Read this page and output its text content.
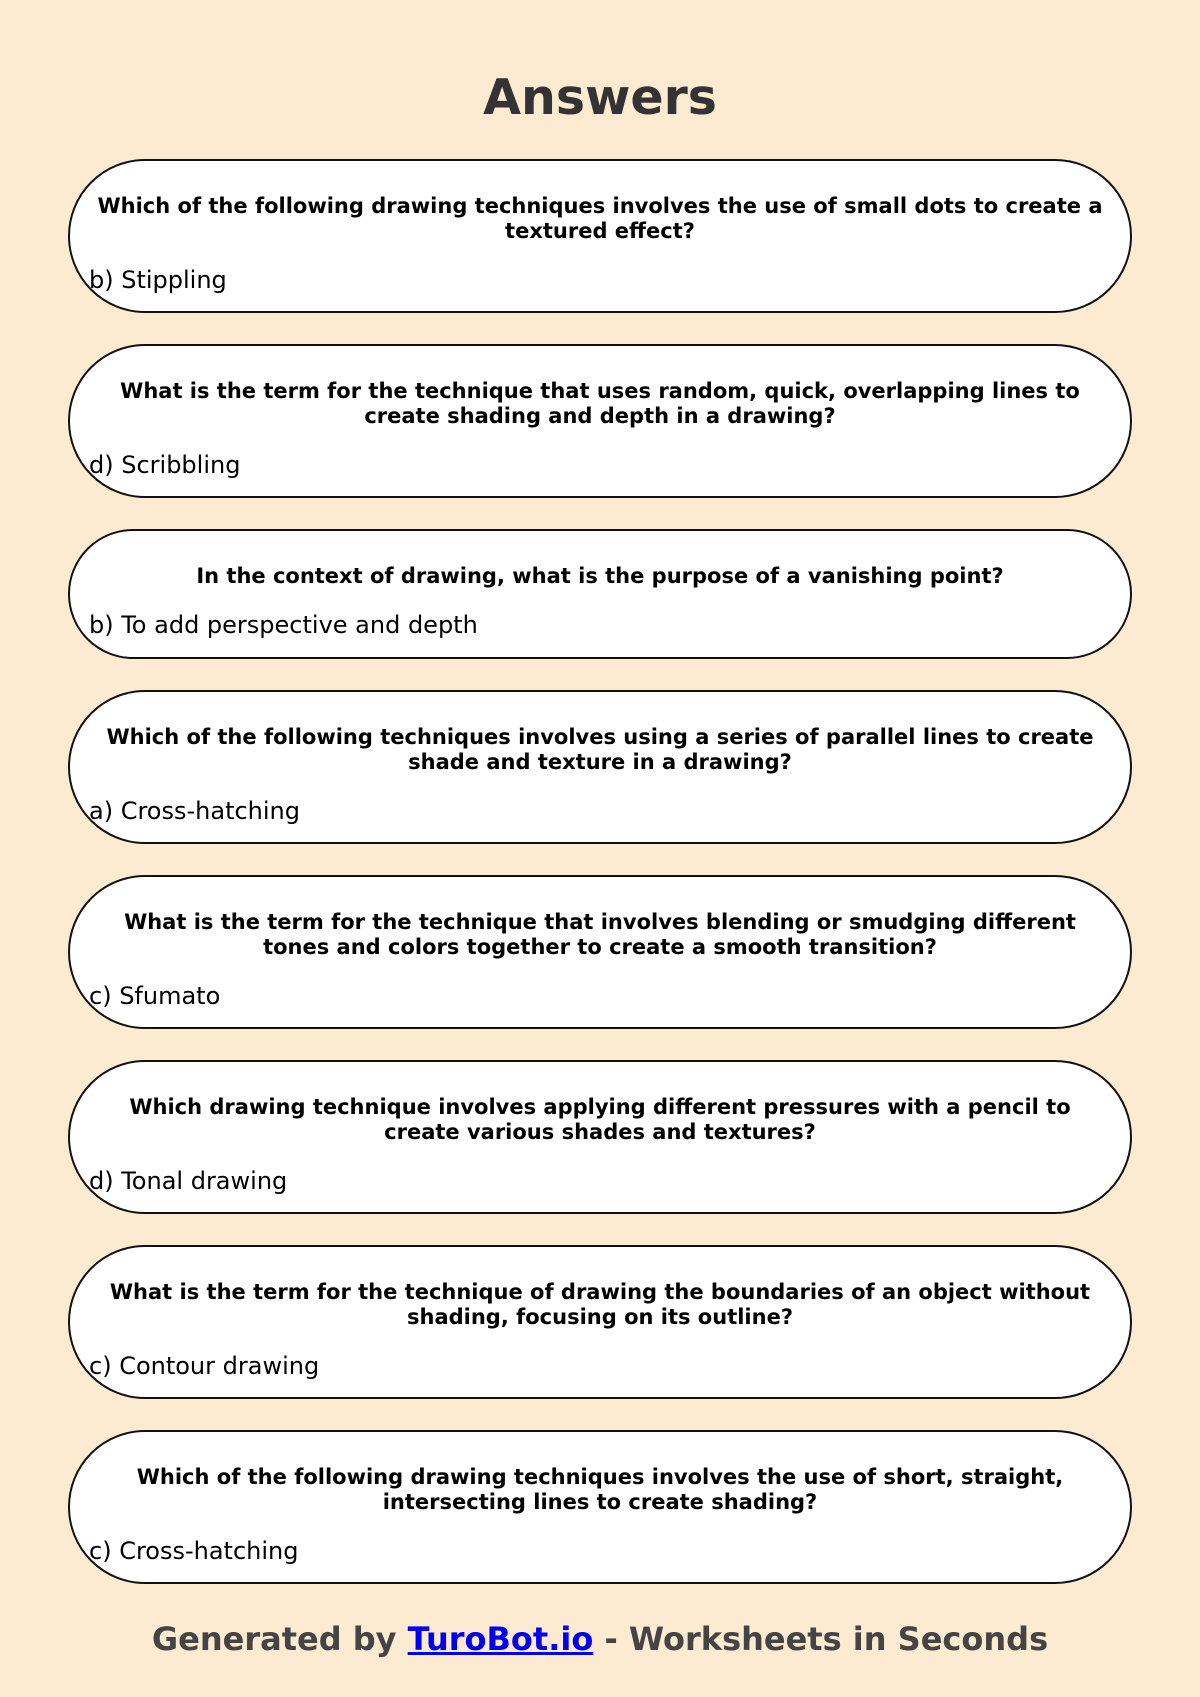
Answers
Which of the following drawing techniques involves the use of small dots to create a textured effect?
b) Stippling
What is the term for the technique that uses random, quick, overlapping lines to create shading and depth in a drawing?
d) Scribbling
In the context of drawing, what is the purpose of a vanishing point?
b) To add perspective and depth
Which of the following techniques involves using a series of parallel lines to create shade and texture in a drawing?
a) Cross-hatching
What is the term for the technique that involves blending or smudging different tones and colors together to create a smooth transition?
c) Sfumato
Which drawing technique involves applying different pressures with a pencil to create various shades and textures?
d) Tonal drawing
What is the term for the technique of drawing the boundaries of an object without shading, focusing on its outline?
c) Contour drawing
Which of the following drawing techniques involves the use of short, straight, intersecting lines to create shading?
c) Cross-hatching
Generated by TuroBot.io - Worksheets in Seconds
